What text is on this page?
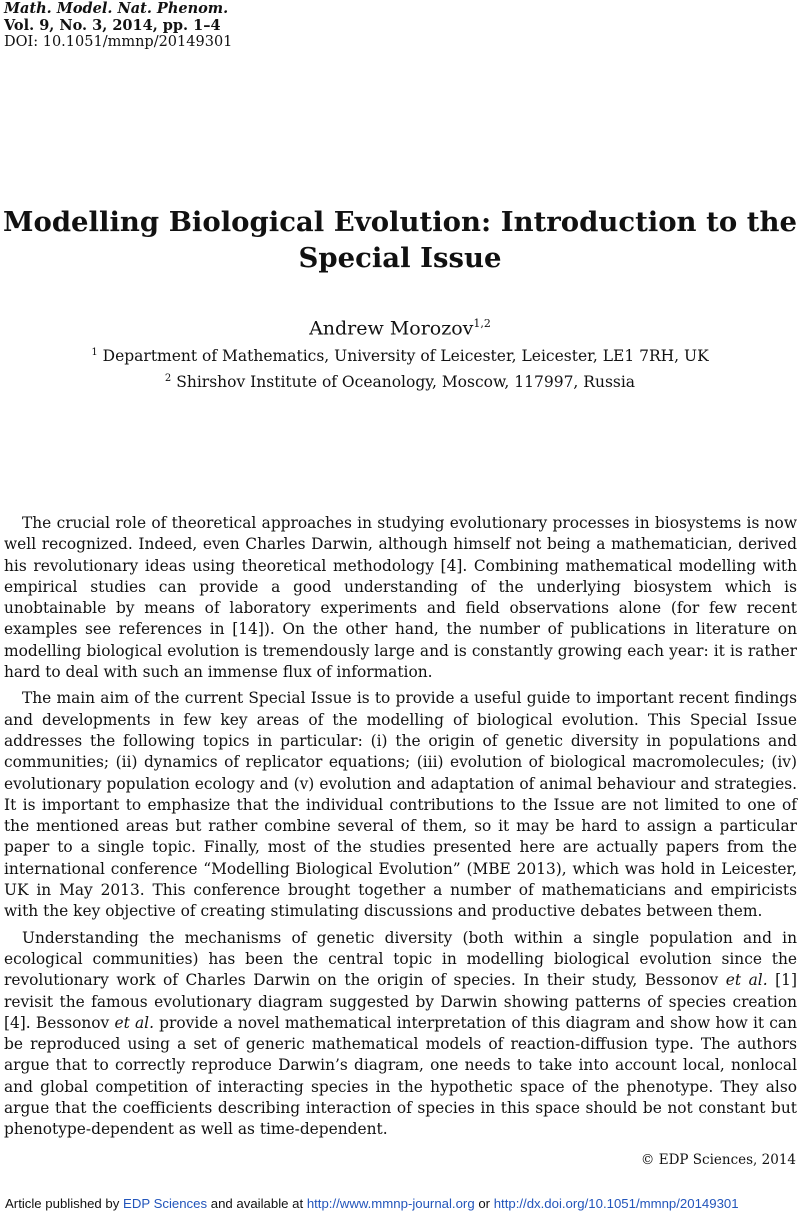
Math. Model. Nat. Phenom.
Vol. 9, No. 3, 2014, pp. 1–4
DOI: 10.1051/mmnp/20149301
Modelling Biological Evolution: Introduction to the
Special Issue
Andrew Morozov$^{1,2}$
$^1$ Department of Mathematics, University of Leicester, Leicester, LE1 7RH, UK
$^2$ Shirshov Institute of Oceanology, Moscow, 117997, Russia

The crucial role of theoretical approaches in studying evolutionary processes in biosystems is now well recognized. Indeed, even Charles Darwin, although himself not being a mathematician, derived his revolutionary ideas using theoretical methodology [4]. Combining mathematical modelling with empirical studies can provide a good understanding of the underlying biosystem which is unobtainable by means of laboratory experiments and field observations alone (for few recent examples see references in [14]). On the other hand, the number of publications in literature on modelling biological evolution is tremendously large and is constantly growing each year: it is rather hard to deal with such an immense flux of information.

The main aim of the current Special Issue is to provide a useful guide to important recent findings and developments in few key areas of the modelling of biological evolution. This Special Issue addresses the following topics in particular: (i) the origin of genetic diversity in populations and communities; (ii) dynamics of replicator equations; (iii) evolution of biological macromolecules; (iv) evolutionary population ecology and (v) evolution and adaptation of animal behaviour and strategies. It is important to emphasize that the individual contributions to the Issue are not limited to one of the mentioned areas but rather combine several of them, so it may be hard to assign a particular paper to a single topic. Finally, most of the studies presented here are actually papers from the international conference “Modelling Biological Evolution” (MBE 2013), which was hold in Leicester, UK in May 2013. This conference brought together a number of mathematicians and empiricists with the key objective of creating stimulating discussions and productive debates between them.

Understanding the mechanisms of genetic diversity (both within a single population and in ecological communities) has been the central topic in modelling biological evolution since the revolutionary work of Charles Darwin on the origin of species. In their study, Bessonov et al. [1] revisit the famous evolutionary diagram suggested by Darwin showing patterns of species creation [4]. Bessonov et al. provide a novel mathematical interpretation of this diagram and show how it can be reproduced using a set of generic mathematical models of reaction-diffusion type. The authors argue that to correctly reproduce Darwin’s diagram, one needs to take into account local, nonlocal and global competition of interacting species in the hypothetic space of the phenotype. They also argue that the coefficients describing interaction of species in this space should be not constant but phenotype-dependent as well as time-dependent.

© EDP Sciences, 2014
Article published by EDP Sciences and available at http://www.mmnp-journal.org or http://dx.doi.org/10.1051/mmnp/20149301
